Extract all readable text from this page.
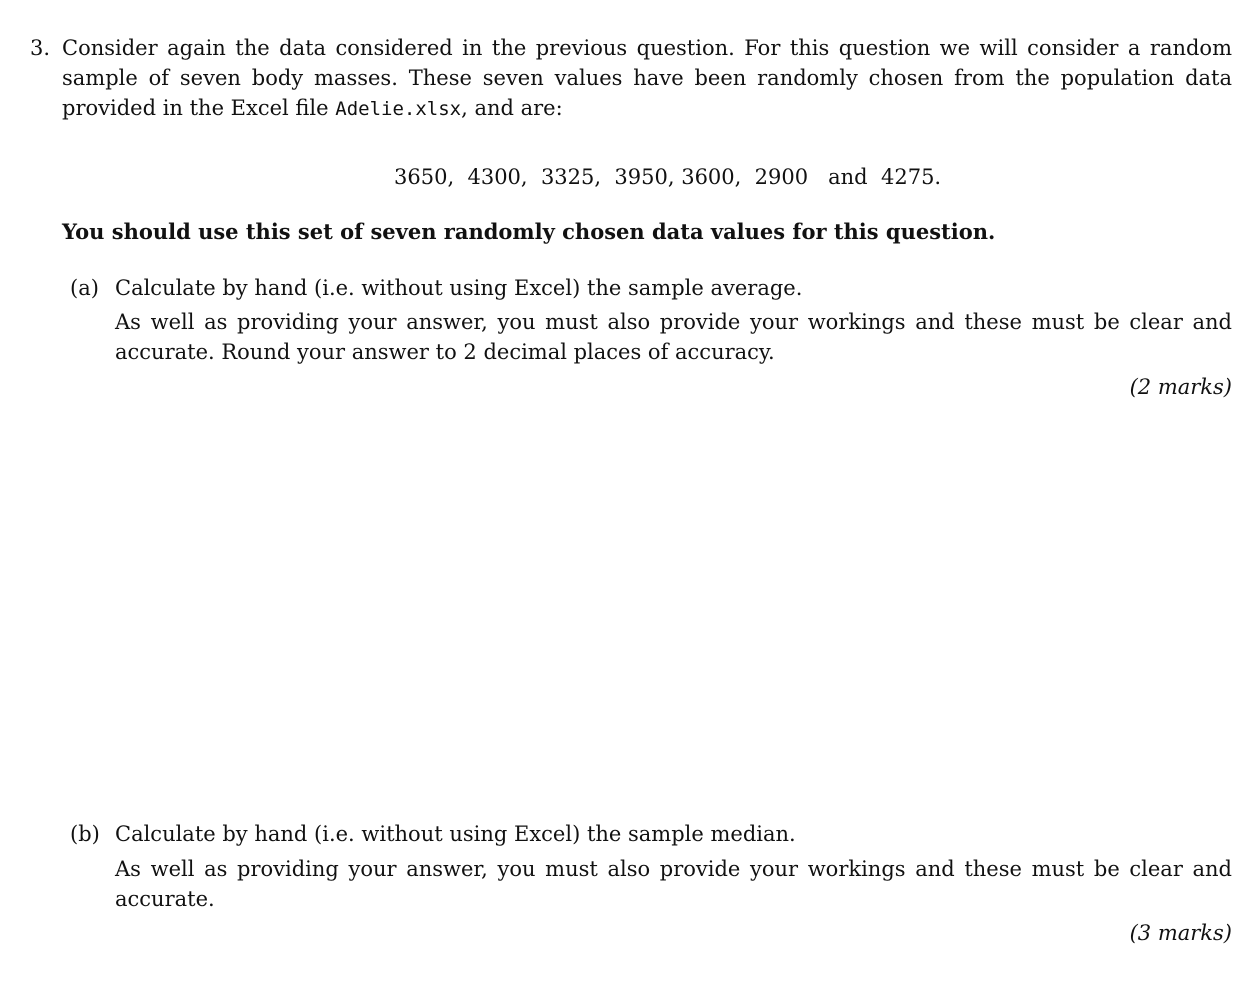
3. Consider again the data considered in the previous question. For this question we will consider a random sample of seven body masses. These seven values have been randomly chosen from the population data provided in the Excel file Adelie.xlsx, and are:
3650,  4300,  3325,  3950, 3600,  2900 and 4275.
You should use this set of seven randomly chosen data values for this question.
(a) Calculate by hand (i.e. without using Excel) the sample average.
As well as providing your answer, you must also provide your workings and these must be clear and accurate. Round your answer to 2 decimal places of accuracy.
(2 marks)
(b) Calculate by hand (i.e. without using Excel) the sample median.
As well as providing your answer, you must also provide your workings and these must be clear and accurate.
(3 marks)
